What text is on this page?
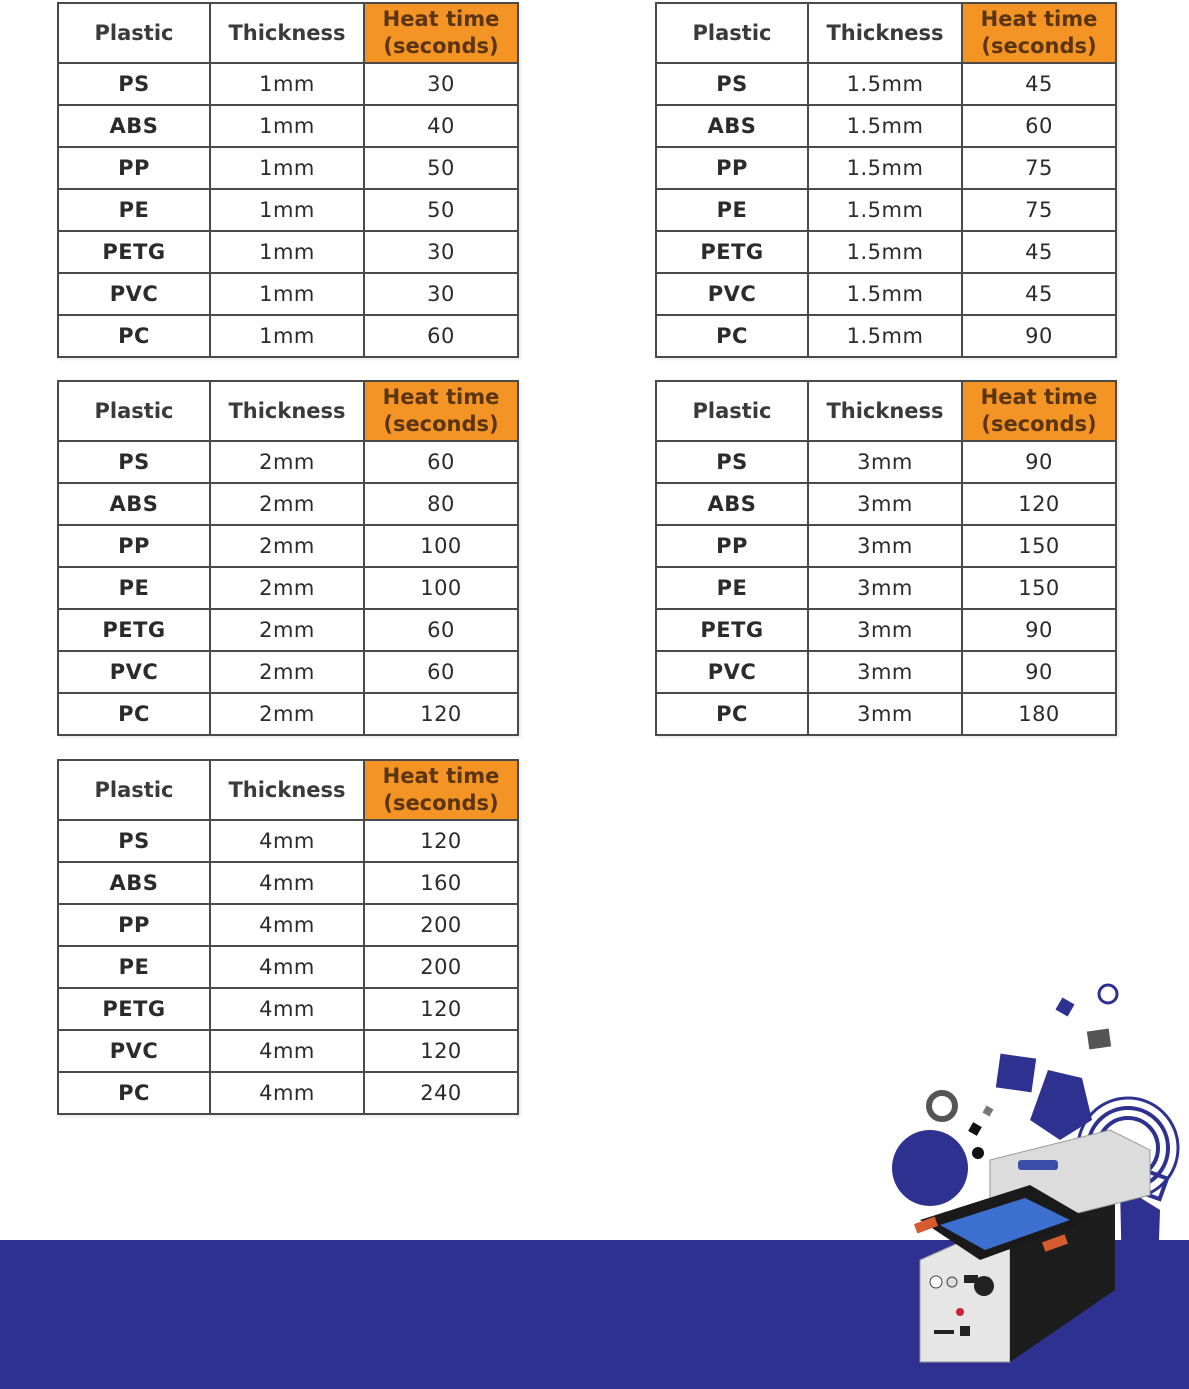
Plastic	Thickness	Heat time
(seconds)

PS	1mm	30
ABS	1mm	40
PP	1mm	50
PE	1mm	50
PETG	1mm	30
PVC	1mm	30
PC	1mm	60
Plastic	Thickness	Heat time
(seconds)

PS	1.5mm	45
ABS	1.5mm	60
PP	1.5mm	75
PE	1.5mm	75
PETG	1.5mm	45
PVC	1.5mm	45
PC	1.5mm	90
Plastic	Thickness	Heat time
(seconds)

PS	2mm	60
ABS	2mm	80
PP	2mm	100
PE	2mm	100
PETG	2mm	60
PVC	2mm	60
PC	2mm	120
Plastic	Thickness	Heat time
(seconds)

PS	3mm	90
ABS	3mm	120
PP	3mm	150
PE	3mm	150
PETG	3mm	90
PVC	3mm	90
PC	3mm	180
Plastic	Thickness	Heat time
(seconds)

PS	4mm	120
ABS	4mm	160
PP	4mm	200
PE	4mm	200
PETG	4mm	120
PVC	4mm	120
PC	4mm	240
